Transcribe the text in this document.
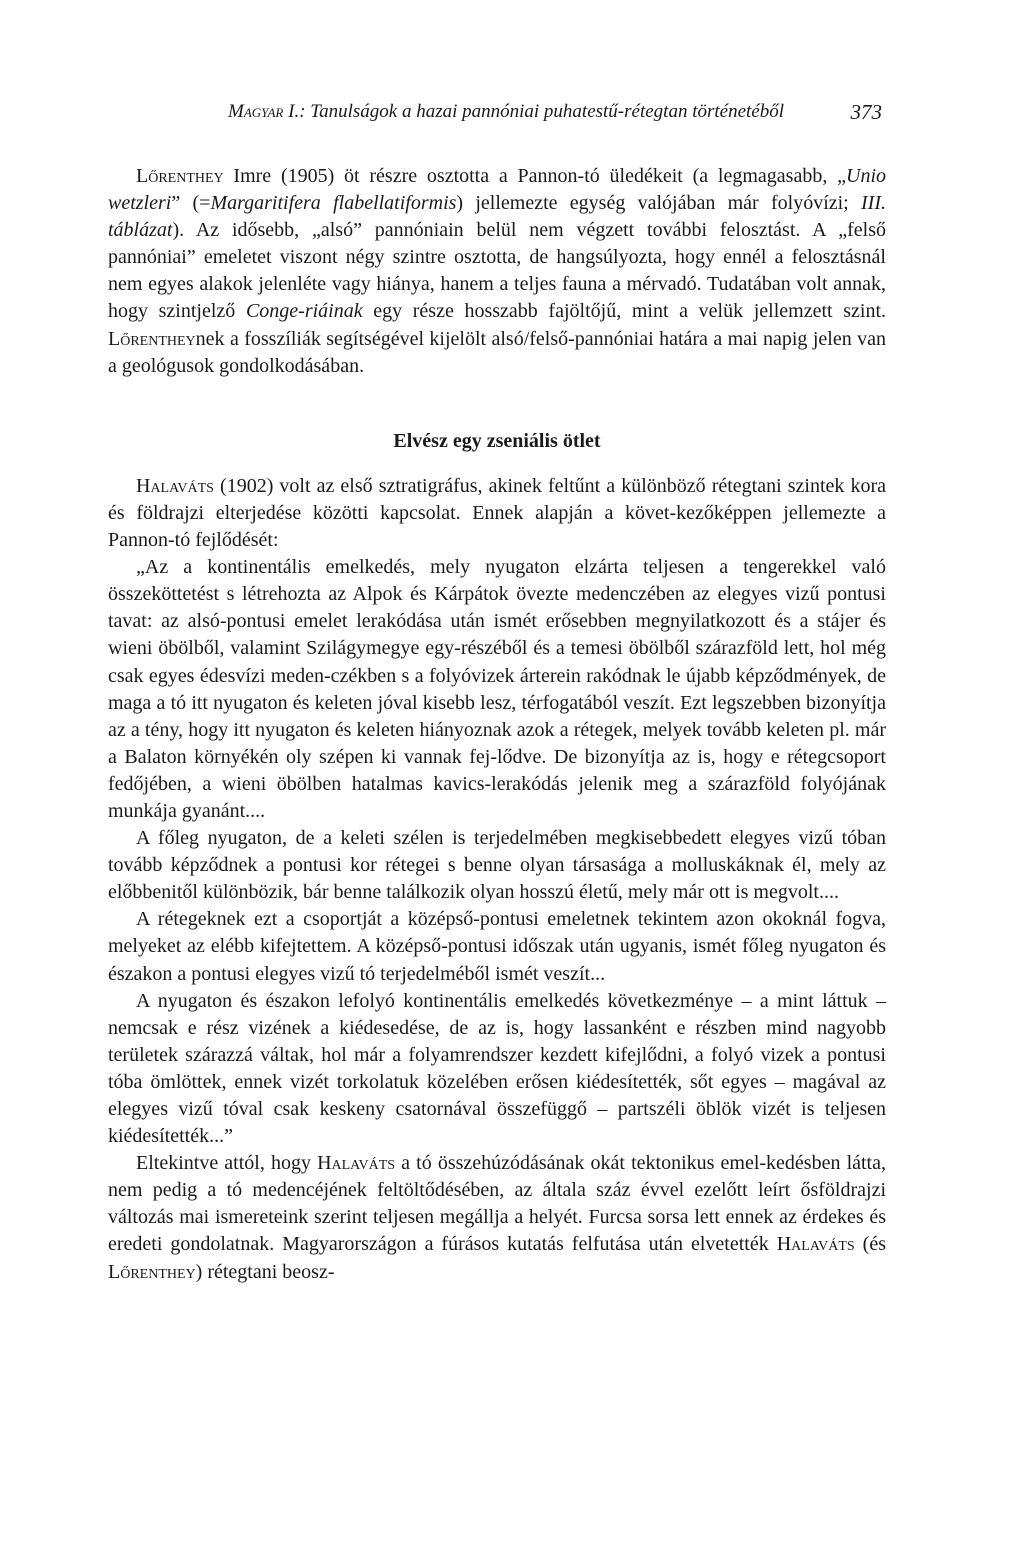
Magyar I.: Tanulságok a hazai pannóniai puhatestű-rétegtan történetéből	373

Lőrenthey Imre (1905) öt részre osztotta a Pannon-tó üledékeit (a legmagasabb, „Unio wetzleri” (=Margaritifera flabellatiformis) jellemezte egység valójában már folyóvízi; III. táblázat). Az idősebb, „alsó” pannóniain belül nem végzett további felosztást. A „felső pannóniai” emeletet viszont négy szintre osztotta, de hangsúlyozta, hogy ennél a felosztásnál nem egyes alakok jelenléte vagy hiánya, hanem a teljes fauna a mérvadó. Tudatában volt annak, hogy szintjelző Conge-riáinak egy része hosszabb fajöltőjű, mint a velük jellemzett szint. Lőrentheynek a fosszíliák segítségével kijelölt alsó/felső-pannóniai határa a mai napig jelen van a geológusok gondolkodásában.

Elvész egy zseniális ötlet

Halaváts (1902) volt az első sztratigráfus, akinek feltűnt a különböző rétegtani szintek kora és földrajzi elterjedése közötti kapcsolat. Ennek alapján a követ-kezőképpen jellemezte a Pannon-tó fejlődését:

„Az a kontinentális emelkedés, mely nyugaton elzárta teljesen a tengerekkel való összeköttetést s létrehozta az Alpok és Kárpátok övezte medenczében az elegyes vizű pontusi tavat: az alsó-pontusi emelet lerakódása után ismét erősebben megnyilatkozott és a stájer és wieni öbölből, valamint Szilágymegye egy-részéből és a temesi öbölből szárazföld lett, hol még csak egyes édesvízi meden-czékben s a folyóvizek árterein rakódnak le újabb képződmények, de maga a tó itt nyugaton és keleten jóval kisebb lesz, térfogatából veszít. Ezt legszebben bizonyítja az a tény, hogy itt nyugaton és keleten hiányoznak azok a rétegek, melyek tovább keleten pl. már a Balaton környékén oly szépen ki vannak fej-lődve. De bizonyítja az is, hogy e rétegcsoport fedőjében, a wieni öbölben hatalmas kavics-lerakódás jelenik meg a szárazföld folyójának munkája gyanánt....

A főleg nyugaton, de a keleti szélen is terjedelmében megkisebbedett elegyes vizű tóban tovább képződnek a pontusi kor rétegei s benne olyan társasága a molluskáknak él, mely az előbbenitől különbözik, bár benne találkozik olyan hosszú életű, mely már ott is megvolt....

A rétegeknek ezt a csoportját a középső-pontusi emeletnek tekintem azon okoknál fogva, melyeket az elébb kifejtettem. A középső-pontusi időszak után ugyanis, ismét főleg nyugaton és északon a pontusi elegyes vizű tó terjedelméből ismét veszít...

A nyugaton és északon lefolyó kontinentális emelkedés következménye – a mint láttuk – nemcsak e rész vizének a kiédesedése, de az is, hogy lassanként e részben mind nagyobb területek szárazzá váltak, hol már a folyamrendszer kezdett kifejlődni, a folyó vizek a pontusi tóba ömlöttek, ennek vizét torkolatuk közelében erősen kiédesítették, sőt egyes – magával az elegyes vizű tóval csak keskeny csatornával összefüggő – partszéli öblök vizét is teljesen kiédesítették...”

Eltekintve attól, hogy Halaváts a tó összehúzódásának okát tektonikus emel-kedésben látta, nem pedig a tó medencéjének feltöltődésében, az általa száz évvel ezelőtt leírt ősföldrajzi változás mai ismereteink szerint teljesen megállja a helyét. Furcsa sorsa lett ennek az érdekes és eredeti gondolatnak. Magyarországon a fúrásos kutatás felfutása után elvetették Halaváts (és Lőrenthey) rétegtani beosz-
